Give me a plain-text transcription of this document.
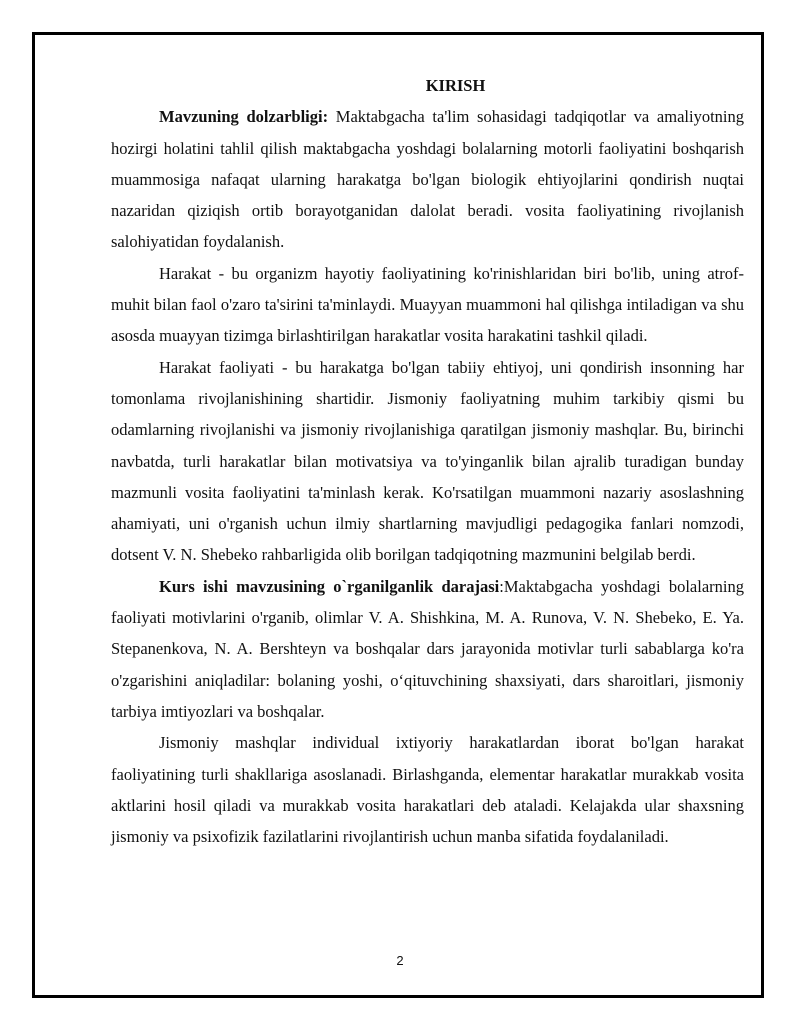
KIRISH

Mavzuning dolzarbligi: Maktabgacha ta'lim sohasidagi tadqiqotlar va amaliyotning hozirgi holatini tahlil qilish maktabgacha yoshdagi bolalarning motorli faoliyatini boshqarish muammosiga nafaqat ularning harakatga bo'lgan biologik ehtiyojlarini qondirish nuqtai nazaridan qiziqish ortib borayotganidan dalolat beradi. vosita faoliyatining rivojlanish salohiyatidan foydalanish.

Harakat - bu organizm hayotiy faoliyatining ko'rinishlaridan biri bo'lib, uning atrof-muhit bilan faol o'zaro ta'sirini ta'minlaydi. Muayyan muammoni hal qilishga intiladigan va shu asosda muayyan tizimga birlashtirilgan harakatlar vosita harakatini tashkil qiladi.

Harakat faoliyati - bu harakatga bo'lgan tabiiy ehtiyoj, uni qondirish insonning har tomonlama rivojlanishining shartidir. Jismoniy faoliyatning muhim tarkibiy qismi bu odamlarning rivojlanishi va jismoniy rivojlanishiga qaratilgan jismoniy mashqlar. Bu, birinchi navbatda, turli harakatlar bilan motivatsiya va to'yinganlik bilan ajralib turadigan bunday mazmunli vosita faoliyatini ta'minlash kerak. Ko'rsatilgan muammoni nazariy asoslashning ahamiyati, uni o'rganish uchun ilmiy shartlarning mavjudligi pedagogika fanlari nomzodi, dotsent V. N. Shebeko rahbarligida olib borilgan tadqiqotning mazmunini belgilab berdi.

Kurs ishi mavzusining o`rganilganlik darajasi:Maktabgacha yoshdagi bolalarning faoliyati motivlarini o'rganib, olimlar V. A. Shishkina, M. A. Runova, V. N. Shebeko, E. Ya. Stepanenkova, N. A. Bershteyn va boshqalar dars jarayonida motivlar turli sabablarga ko'ra o'zgarishini aniqladilar: bolaning yoshi, o‘qituvchining shaxsiyati, dars sharoitlari, jismoniy tarbiya imtiyozlari va boshqalar.

Jismoniy mashqlar individual ixtiyoriy harakatlardan iborat bo'lgan harakat faoliyatining turli shakllariga asoslanadi. Birlashganda, elementar harakatlar murakkab vosita aktlarini hosil qiladi va murakkab vosita harakatlari deb ataladi. Kelajakda ular shaxsning jismoniy va psixofizik fazilatlarini rivojlantirish uchun manba sifatida foydalaniladi.

2
